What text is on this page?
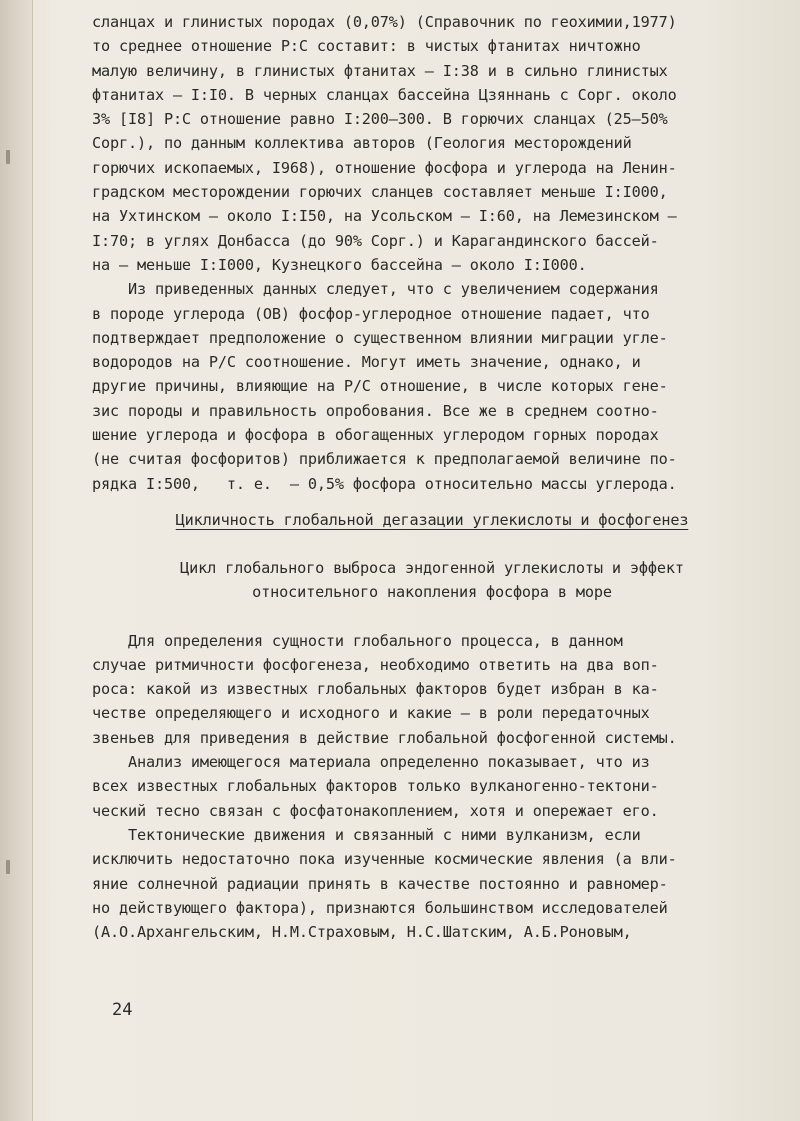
сланцах и глинистых породах (0,07%) (Справочник по геохимии,1977)
то среднее отношение P:C составит: в чистых фтанитах ничтожно
малую величину, в глинистых фтанитах – I:38 и в сильно глинистых
фтанитах – I:I0. В черных сланцах бассейна Цзяннань с Сорг. около
3% [I8] P:C отношение равно I:200–300. В горючих сланцах (25–50%
Сорг.), по данным коллектива авторов (Геология месторождений
горючих ископаемых, I968), отношение фосфора и углерода на Ленин-
градском месторождении горючих сланцев составляет меньше I:I000,
на Ухтинском – около I:I50, на Усольском – I:60, на Лемезинском –
I:70; в углях Донбасса (до 90% Сорг.) и Карагандинского бассей-
на – меньше I:I000, Кузнецкого бассейна – около I:I000.
Из приведенных данных следует, что с увеличением содержания
в породе углерода (ОВ) фосфор-углеродное отношение падает, что
подтверждает предположение о существенном влиянии миграции угле-
водородов на Р/С соотношение. Могут иметь значение, однако, и
другие причины, влияющие на Р/С отношение, в числе которых гене-
зис породы и правильность опробования. Все же в среднем соотно-
шение углерода и фосфора в обогащенных углеродом горных породах
(не считая фосфоритов) приближается к предполагаемой величине по-
рядка I:500,   т. е.  – 0,5% фосфора относительно массы углерода.
Цикличность глобальной дегазации углекислоты и фосфогенез
Цикл глобального выброса эндогенной углекислоты и эффект
относительного накопления фосфора в море
Для определения сущности глобального процесса, в данном
случае ритмичности фосфогенеза, необходимо ответить на два воп-
роса: какой из известных глобальных факторов будет избран в ка-
честве определяющего и исходного и какие – в роли передаточных
звеньев для приведения в действие глобальной фосфогенной системы.
Анализ имеющегося материала определенно показывает, что из
всех известных глобальных факторов только вулканогенно-тектони-
ческий тесно связан с фосфатонакоплением, хотя и опережает его.
Тектонические движения и связанный с ними вулканизм, если
исключить недостаточно пока изученные космические явления (а вли-
яние солнечной радиации принять в качестве постоянно и равномер-
но действующего фактора), признаются большинством исследователей
(А.О.Архангельским, Н.М.Страховым, Н.С.Шатским, А.Б.Роновым,
24
